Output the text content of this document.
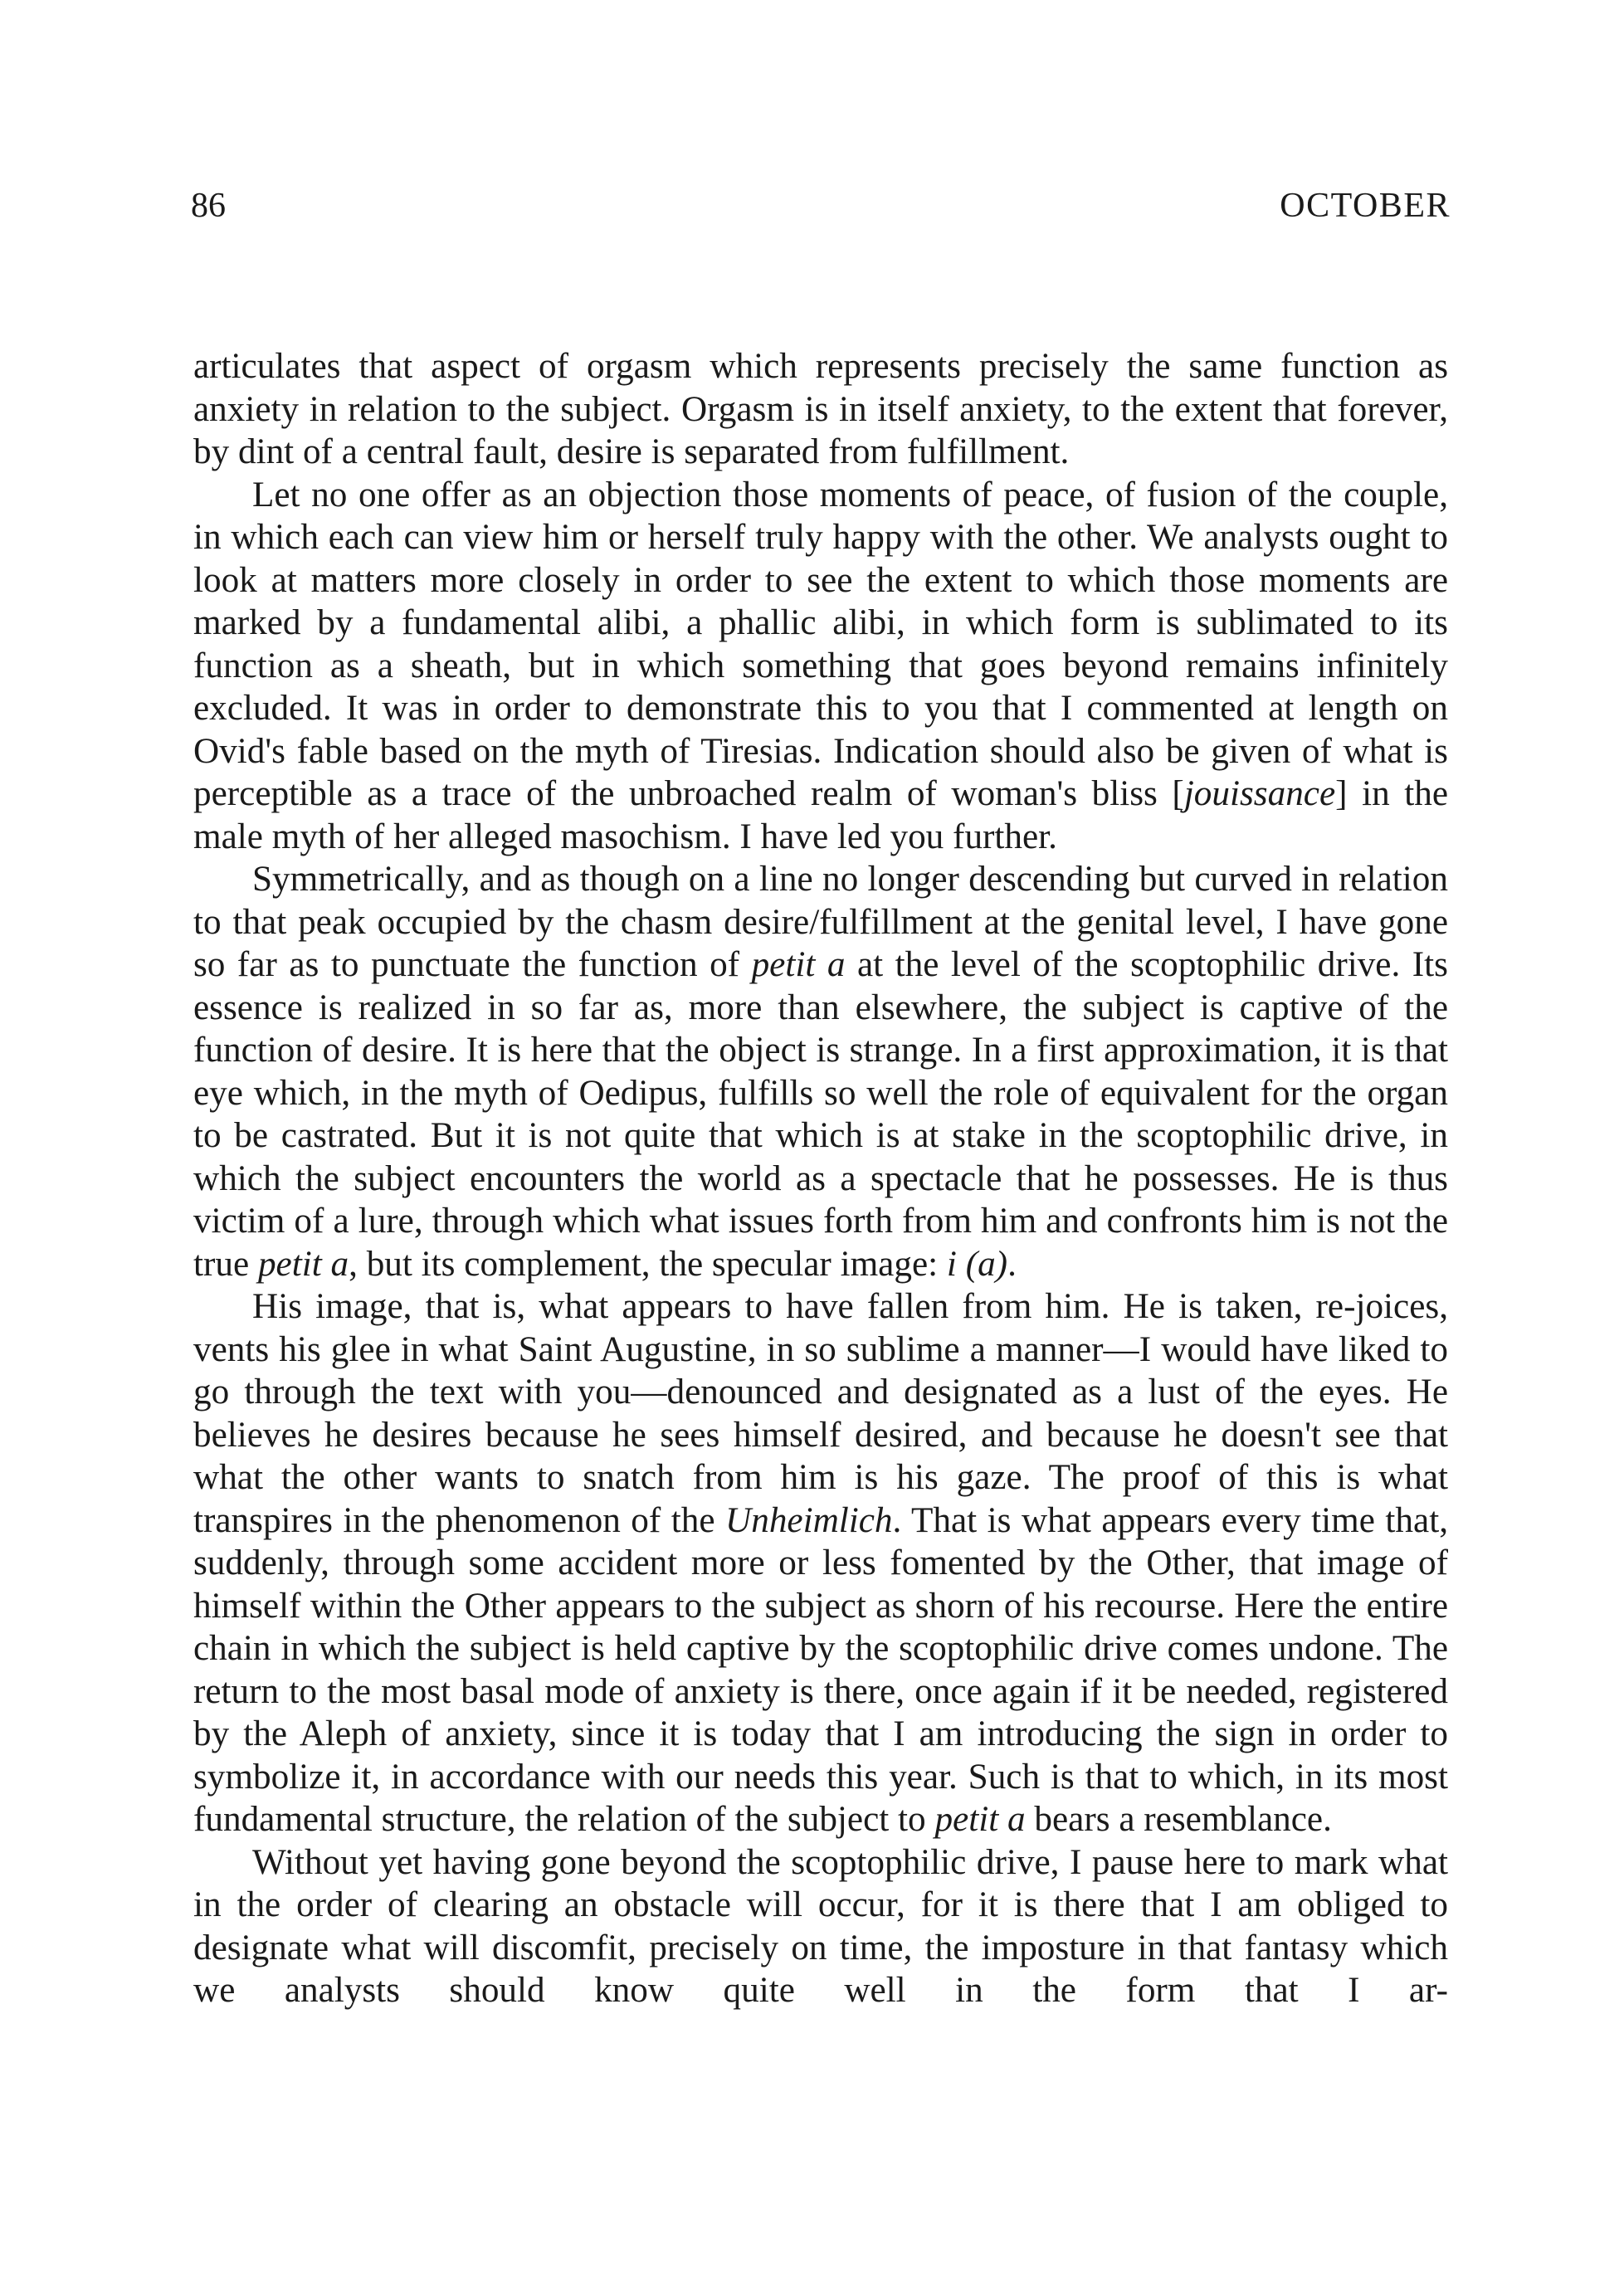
86	OCTOBER

articulates that aspect of orgasm which represents precisely the same function as anxiety in relation to the subject. Orgasm is in itself anxiety, to the extent that forever, by dint of a central fault, desire is separated from fulfillment.

Let no one offer as an objection those moments of peace, of fusion of the couple, in which each can view him or herself truly happy with the other. We analysts ought to look at matters more closely in order to see the extent to which those moments are marked by a fundamental alibi, a phallic alibi, in which form is sublimated to its function as a sheath, but in which something that goes beyond remains infinitely excluded. It was in order to demonstrate this to you that I commented at length on Ovid's fable based on the myth of Tiresias. Indication should also be given of what is perceptible as a trace of the unbroached realm of woman's bliss [jouissance] in the male myth of her alleged masochism. I have led you further.

Symmetrically, and as though on a line no longer descending but curved in relation to that peak occupied by the chasm desire/fulfillment at the genital level, I have gone so far as to punctuate the function of petit a at the level of the scoptophilic drive. Its essence is realized in so far as, more than elsewhere, the subject is captive of the function of desire. It is here that the object is strange. In a first approximation, it is that eye which, in the myth of Oedipus, fulfills so well the role of equivalent for the organ to be castrated. But it is not quite that which is at stake in the scoptophilic drive, in which the subject encounters the world as a spectacle that he possesses. He is thus victim of a lure, through which what issues forth from him and confronts him is not the true petit a, but its complement, the specular image: i (a).

His image, that is, what appears to have fallen from him. He is taken, re-joices, vents his glee in what Saint Augustine, in so sublime a manner—I would have liked to go through the text with you—denounced and designated as a lust of the eyes. He believes he desires because he sees himself desired, and because he doesn't see that what the other wants to snatch from him is his gaze. The proof of this is what transpires in the phenomenon of the Unheimlich. That is what appears every time that, suddenly, through some accident more or less fomented by the Other, that image of himself within the Other appears to the subject as shorn of his recourse. Here the entire chain in which the subject is held captive by the scoptophilic drive comes undone. The return to the most basal mode of anxiety is there, once again if it be needed, registered by the Aleph of anxiety, since it is today that I am introducing the sign in order to symbolize it, in accordance with our needs this year. Such is that to which, in its most fundamental structure, the relation of the subject to petit a bears a resemblance.

Without yet having gone beyond the scoptophilic drive, I pause here to mark what in the order of clearing an obstacle will occur, for it is there that I am obliged to designate what will discomfit, precisely on time, the imposture in that fantasy which we analysts should know quite well in the form that I ar-
